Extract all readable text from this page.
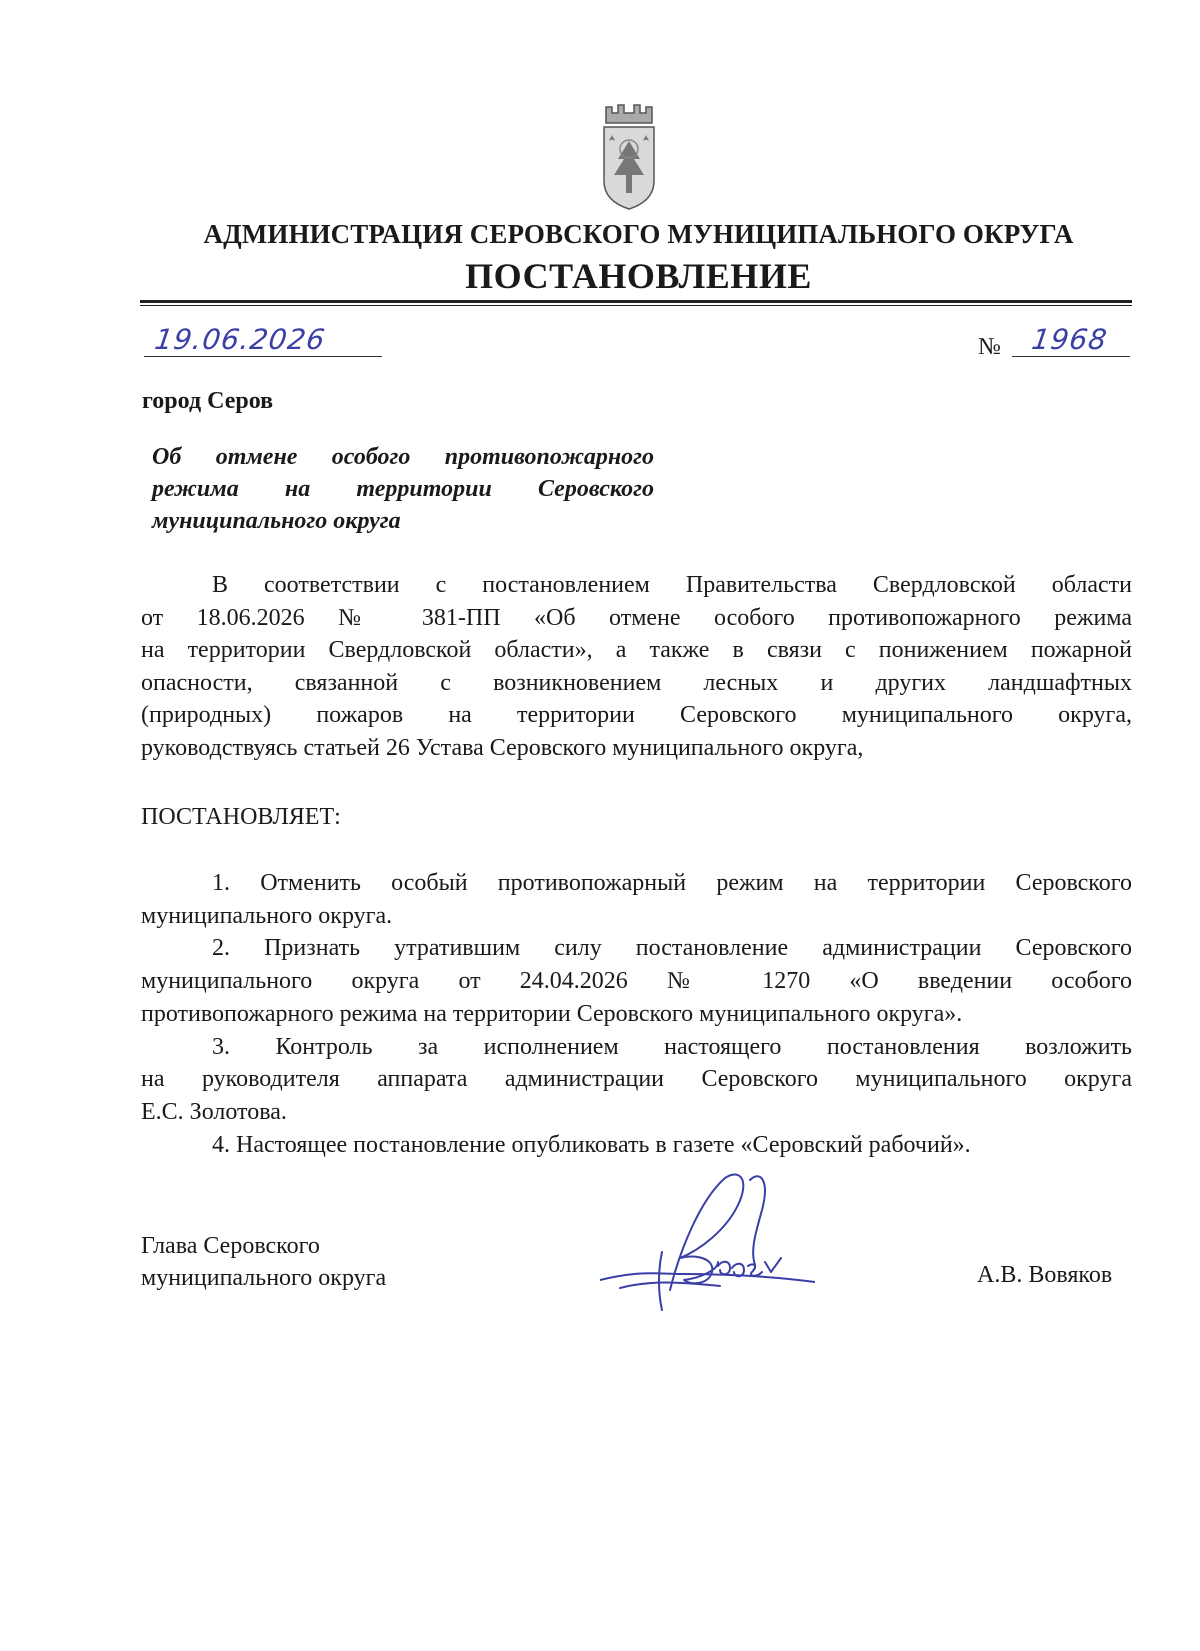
АДМИНИСТРАЦИЯ СЕРОВСКОГО МУНИЦИПАЛЬНОГО ОКРУГА
ПОСТАНОВЛЕНИЕ
19.06.2026	№ 1968
город Серов
Об отмене особого противопожарного
режима на территории Серовского
муниципального округа
В соответствии с постановлением Правительства Свердловской области
от 18.06.2026 № 381-ПП «Об отмене особого противопожарного режима
на территории Свердловской области», а также в связи с понижением пожарной
опасности, связанной с возникновением лесных и других ландшафтных
(природных) пожаров на территории Серовского муниципального округа,
руководствуясь статьей 26 Устава Серовского муниципального округа,
ПОСТАНОВЛЯЕТ:
1. Отменить особый противопожарный режим на территории Серовского
муниципального округа.
2. Признать утратившим силу постановление администрации Серовского
муниципального округа от 24.04.2026 № 1270 «О введении особого
противопожарного режима на территории Серовского муниципального округа».
3. Контроль за исполнением настоящего постановления возложить
на руководителя аппарата администрации Серовского муниципального округа
Е.С. Золотова.
4. Настоящее постановление опубликовать в газете «Серовский рабочий».
Глава Серовского
муниципального округа	А.В. Вовяков
